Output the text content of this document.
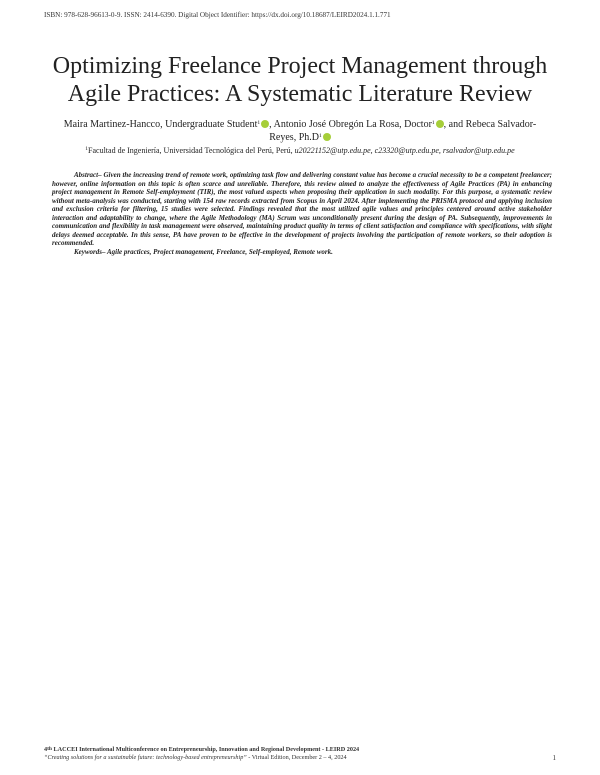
ISBN: 978-628-96613-0-9. ISSN: 2414-6390. Digital Object Identifier: https://dx.doi.org/10.18687/LEIRD2024.1.1.771
Optimizing Freelance Project Management through
Agile Practices: A Systematic Literature Review
Maira Martinez-Hancco, Undergraduate Student$^1$ , Antonio José Obregón La Rosa, Doctor$^1$ , and Rebeca Salvador-Reyes, $Ph.D^1$
$^1$Facultad de Ingeniería, Universidad Tecnológica del Perú, Perú, u20221152@utp.edu.pe, c23320@utp.edu.pe, rsalvador@utp.edu.pe
Abstract– Given the increasing trend of remote work, optimizing task flow and delivering constant value has become a crucial necessity to be a competent freelancer; however, online information on this topic is often scarce and unreliable. Therefore, this review aimed to analyze the effectiveness of Agile Practices (PA) in enhancing project management in Remote Self-employment (TIR), the most valued aspects when proposing their application in such modality. For this purpose, a systematic review without meta-analysis was conducted, starting with 154 raw records extracted from Scopus in April 2024. After implementing the PRISMA protocol and applying inclusion and exclusion criteria for filtering, 15 studies were selected. Findings revealed that the most utilized agile values and principles centered around active stakeholder interaction and adaptability to change, where the Agile Methodology (MA) Scrum was unconditionally present during the design of PA. Subsequently, improvements in communication and flexibility in task management were observed, maintaining product quality in terms of client satisfaction and compliance with specifications, with slight delays deemed acceptable. In this sense, PA have proven to be effective in the development of projects involving the participation of remote workers, so their adoption is recommended.
Keywords– Agile practices, Project management, Freelance, Self-employed, Remote work.
4th LACCEI International Multiconference on Entrepreneurship, Innovation and Regional Development - LEIRD 2024
“Creating solutions for a sustainable future: technology-based entrepreneurship” - Virtual Edition, December 2 – 4, 2024	1
